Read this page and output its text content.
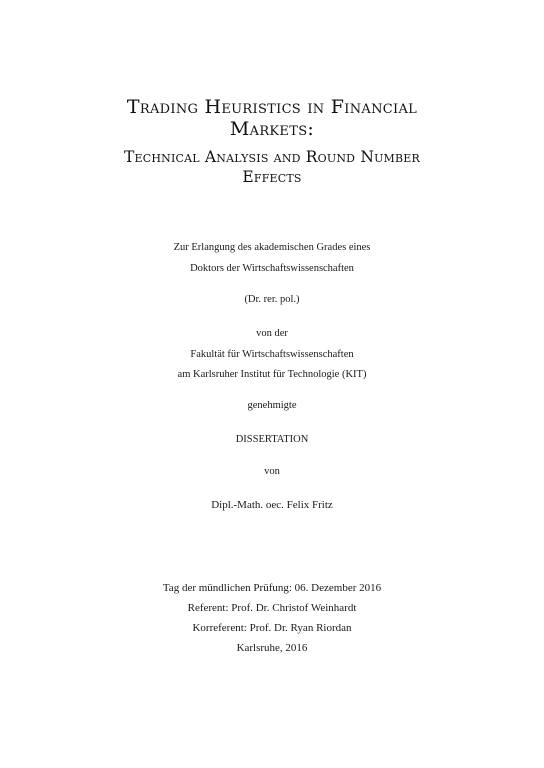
Trading Heuristics in Financial
Markets:
Technical Analysis and Round Number
Effects
Zur Erlangung des akademischen Grades eines
Doktors der Wirtschaftswissenschaften
(Dr. rer. pol.)
von der
Fakultät für Wirtschaftswissenschaften
am Karlsruher Institut für Technologie (KIT)
genehmigte
DISSERTATION
von
Dipl.-Math. oec. Felix Fritz
Tag der mündlichen Prüfung: 06. Dezember 2016
Referent: Prof. Dr. Christof Weinhardt
Korreferent: Prof. Dr. Ryan Riordan
Karlsruhe, 2016
